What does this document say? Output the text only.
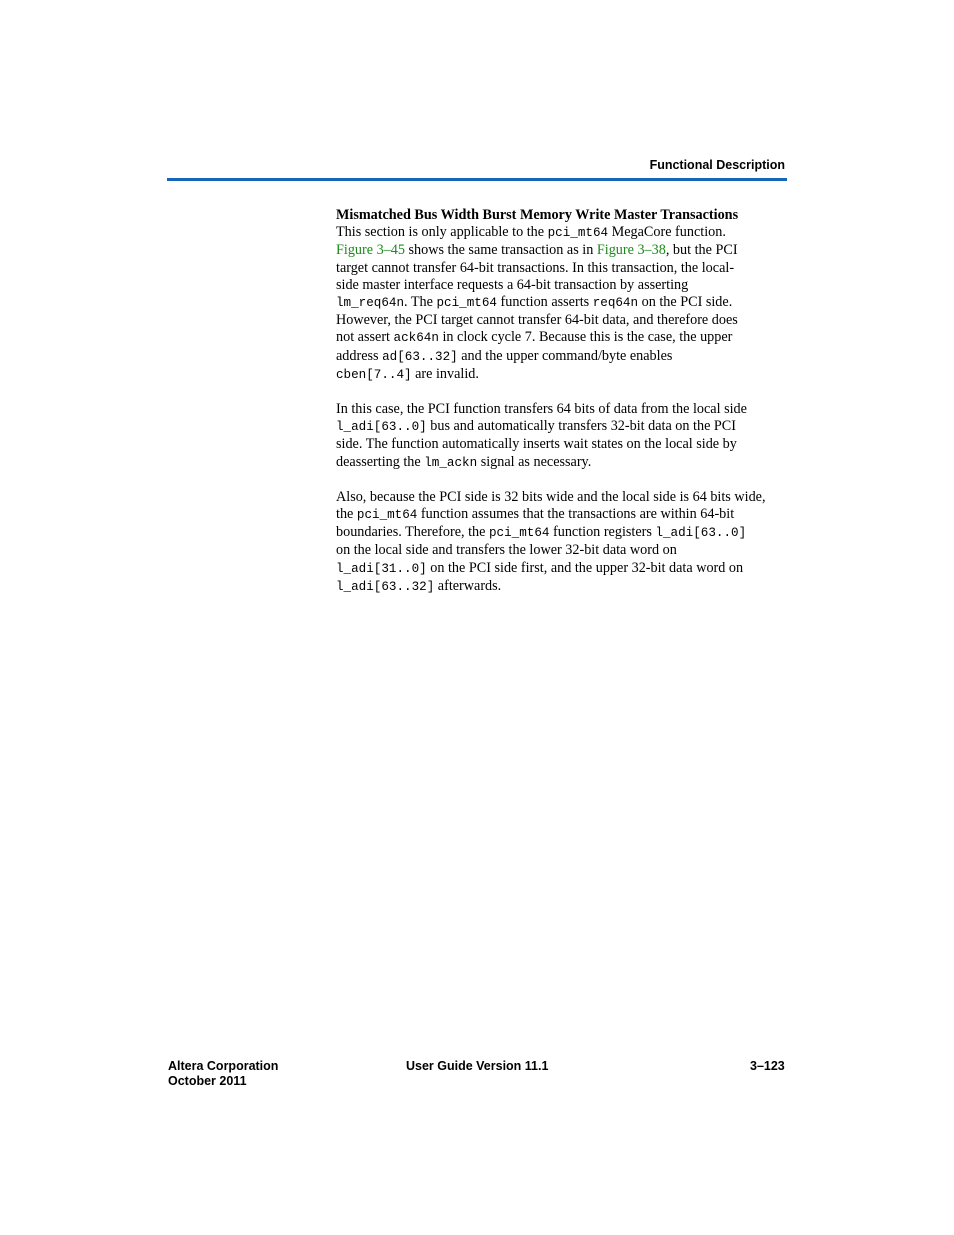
Functional Description

Mismatched Bus Width Burst Memory Write Master Transactions

This section is only applicable to the pci_mt64 MegaCore function.
Figure 3–45 shows the same transaction as in Figure 3–38, but the PCI
target cannot transfer 64-bit transactions. In this transaction, the local-
side master interface requests a 64-bit transaction by asserting
lm_req64n. The pci_mt64 function asserts req64n on the PCI side.
However, the PCI target cannot transfer 64-bit data, and therefore does
not assert ack64n in clock cycle 7. Because this is the case, the upper
address ad[63..32] and the upper command/byte enables
cben[7..4] are invalid.

In this case, the PCI function transfers 64 bits of data from the local side
l_adi[63..0] bus and automatically transfers 32-bit data on the PCI
side. The function automatically inserts wait states on the local side by
deasserting the lm_ackn signal as necessary.

Also, because the PCI side is 32 bits wide and the local side is 64 bits wide,
the pci_mt64 function assumes that the transactions are within 64-bit
boundaries. Therefore, the pci_mt64 function registers l_adi[63..0]
on the local side and transfers the lower 32-bit data word on
l_adi[31..0] on the PCI side first, and the upper 32-bit data word on
l_adi[63..32] afterwards.

Altera Corporation
October 2011
User Guide Version 11.1	3–123
